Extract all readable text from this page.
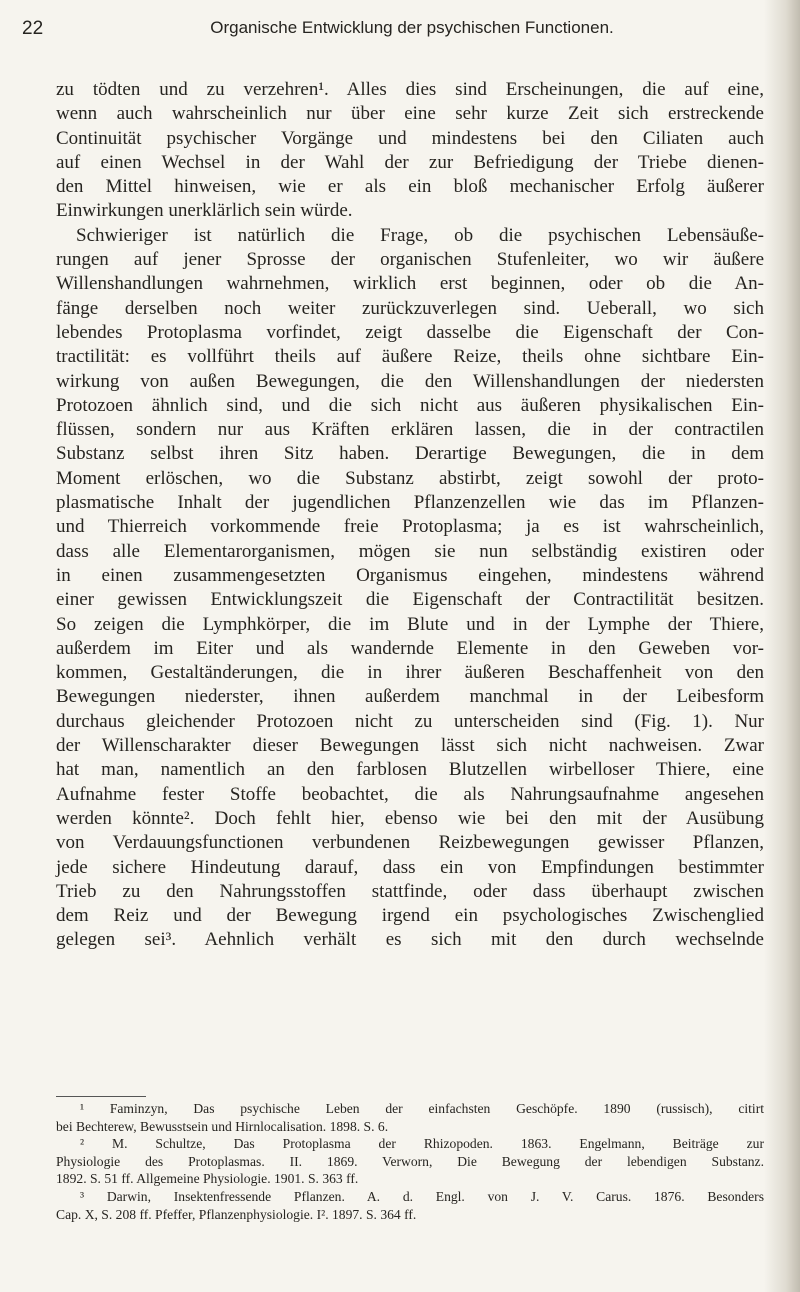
22	Organische Entwicklung der psychischen Functionen.
zu tödten und zu verzehren¹. Alles dies sind Erscheinungen, die auf eine,
wenn auch wahrscheinlich nur über eine sehr kurze Zeit sich erstreckende
Continuität psychischer Vorgänge und mindestens bei den Ciliaten auch
auf einen Wechsel in der Wahl der zur Befriedigung der Triebe dienen-
den Mittel hinweisen, wie er als ein bloß mechanischer Erfolg äußerer
Einwirkungen unerklärlich sein würde.
Schwieriger ist natürlich die Frage, ob die psychischen Lebensäuße-
rungen auf jener Sprosse der organischen Stufenleiter, wo wir äußere
Willenshandlungen wahrnehmen, wirklich erst beginnen, oder ob die An-
fänge derselben noch weiter zurückzuverlegen sind. Ueberall, wo sich
lebendes Protoplasma vorfindet, zeigt dasselbe die Eigenschaft der Con-
tractilität: es vollführt theils auf äußere Reize, theils ohne sichtbare Ein-
wirkung von außen Bewegungen, die den Willenshandlungen der niedersten
Protozoen ähnlich sind, und die sich nicht aus äußeren physikalischen Ein-
flüssen, sondern nur aus Kräften erklären lassen, die in der contractilen
Substanz selbst ihren Sitz haben. Derartige Bewegungen, die in dem
Moment erlöschen, wo die Substanz abstirbt, zeigt sowohl der proto-
plasmatische Inhalt der jugendlichen Pflanzenzellen wie das im Pflanzen-
und Thierreich vorkommende freie Protoplasma; ja es ist wahrscheinlich,
dass alle Elementarorganismen, mögen sie nun selbständig existiren oder
in einen zusammengesetzten Organismus eingehen, mindestens während
einer gewissen Entwicklungszeit die Eigenschaft der Contractilität besitzen.
So zeigen die Lymphkörper, die im Blute und in der Lymphe der Thiere,
außerdem im Eiter und als wandernde Elemente in den Geweben vor-
kommen, Gestaltänderungen, die in ihrer äußeren Beschaffenheit von den
Bewegungen niederster, ihnen außerdem manchmal in der Leibesform
durchaus gleichender Protozoen nicht zu unterscheiden sind (Fig. 1). Nur
der Willenscharakter dieser Bewegungen lässt sich nicht nachweisen. Zwar
hat man, namentlich an den farblosen Blutzellen wirbelloser Thiere, eine
Aufnahme fester Stoffe beobachtet, die als Nahrungsaufnahme angesehen
werden könnte². Doch fehlt hier, ebenso wie bei den mit der Ausübung
von Verdauungsfunctionen verbundenen Reizbewegungen gewisser Pflanzen,
jede sichere Hindeutung darauf, dass ein von Empfindungen bestimmter
Trieb zu den Nahrungsstoffen stattfinde, oder dass überhaupt zwischen
dem Reiz und der Bewegung irgend ein psychologisches Zwischenglied
gelegen sei³. Aehnlich verhält es sich mit den durch wechselnde
¹ Faminzyn, Das psychische Leben der einfachsten Geschöpfe. 1890 (russisch), citirt
bei Bechterew, Bewusstsein und Hirnlocalisation. 1898. S. 6.
² M. Schultze, Das Protoplasma der Rhizopoden. 1863. Engelmann, Beiträge zur
Physiologie des Protoplasmas. II. 1869. Verworn, Die Bewegung der lebendigen Substanz.
1892. S. 51 ff. Allgemeine Physiologie. 1901. S. 363 ff.
³ Darwin, Insektenfressende Pflanzen. A. d. Engl. von J. V. Carus. 1876. Besonders
Cap. X, S. 208 ff. Pfeffer, Pflanzenphysiologie. I². 1897. S. 364 ff.
